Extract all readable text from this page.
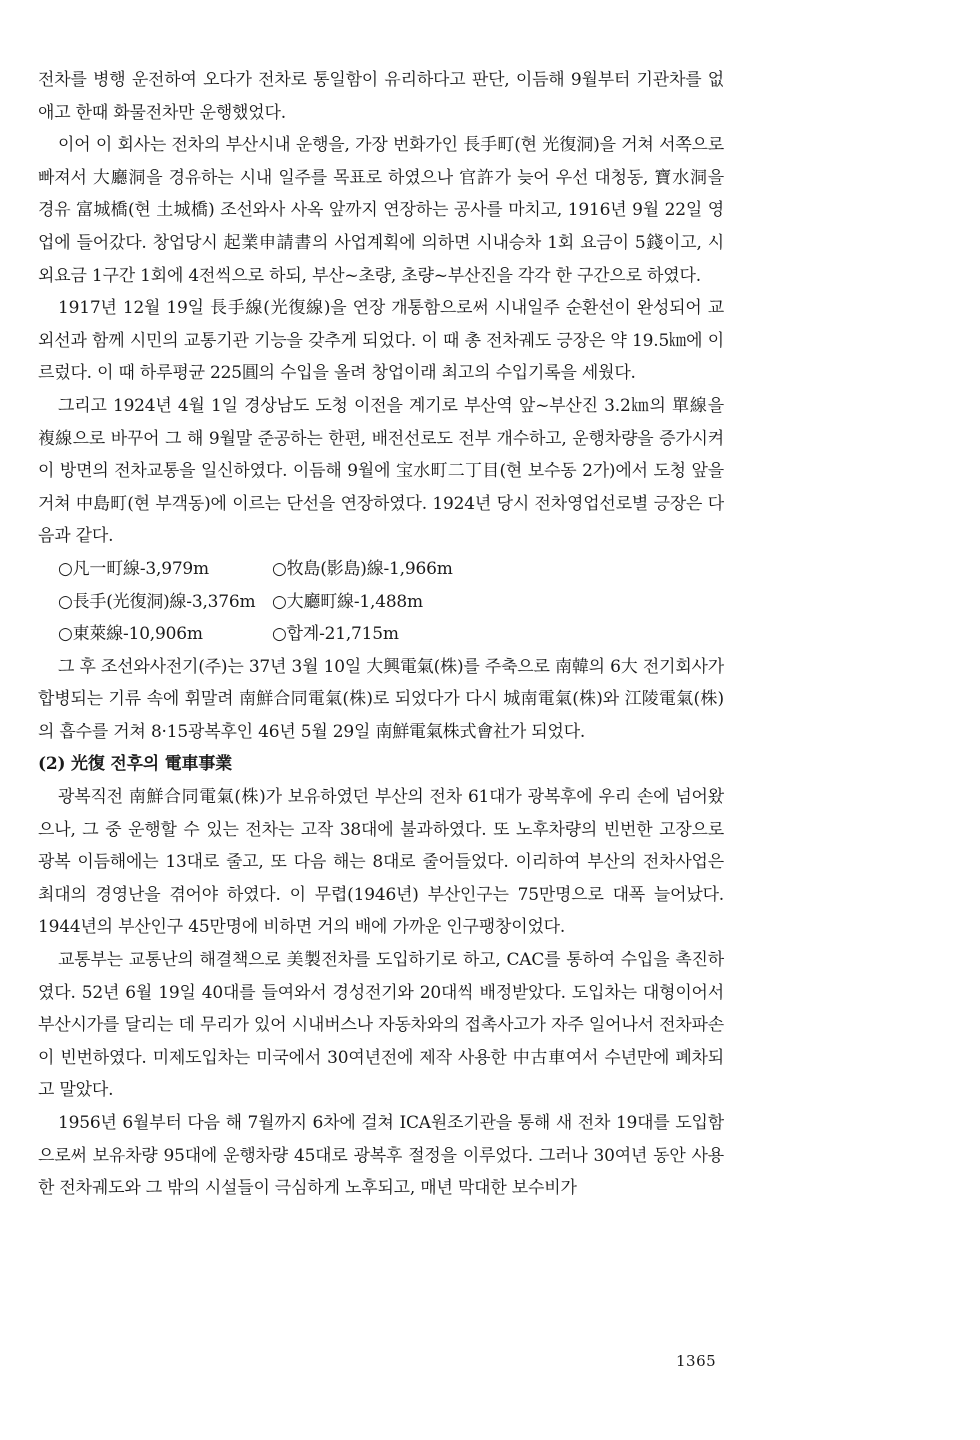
전차를 병행 운전하여 오다가 전차로 통일함이 유리하다고 판단, 이듬해 9월부터 기관차를 없애고 한때 화물전차만 운행했었다.

이어 이 회사는 전차의 부산시내 운행을, 가장 번화가인 長手町(현 光復洞)을 거쳐 서쪽으로 빠져서 大廳洞을 경유하는 시내 일주를 목표로 하였으나 官許가 늦어 우선 대청동, 寶水洞을 경유 富城橋(현 土城橋) 조선와사 사옥 앞까지 연장하는 공사를 마치고, 1916년 9월 22일 영업에 들어갔다. 창업당시 起業申請書의 사업계획에 의하면 시내승차 1회 요금이 5錢이고, 시외요금 1구간 1회에 4전씩으로 하되, 부산~초량, 초량~부산진을 각각 한 구간으로 하였다.

1917년 12월 19일 長手線(光復線)을 연장 개통함으로써 시내일주 순환선이 완성되어 교외선과 함께 시민의 교통기관 기능을 갖추게 되었다. 이 때 총 전차궤도 긍장은 약 19.5㎞에 이르렀다. 이 때 하루평균 225圓의 수입을 올려 창업이래 최고의 수입기록을 세웠다.

그리고 1924년 4월 1일 경상남도 도청 이전을 계기로 부산역 앞~부산진 3.2㎞의 單線을 複線으로 바꾸어 그 해 9월말 준공하는 한편, 배전선로도 전부 개수하고, 운행차량을 증가시켜 이 방면의 전차교통을 일신하였다. 이듬해 9월에 宝水町二丁目(현 보수동 2가)에서 도청 앞을 거쳐 中島町(현 부객동)에 이르는 단선을 연장하였다. 1924년 당시 전차영업선로별 긍장은 다음과 같다.

○凡一町線-3,979m	○牧島(影島)線-1,966m
○長手(光復洞)線-3,376m ○大廳町線-1,488m
○東萊線-10,906m	○합계-21,715m

그 후 조선와사전기(주)는 37년 3월 10일 大興電氣(株)를 주축으로 南韓의 6大 전기회사가 합병되는 기류 속에 휘말려 南鮮合同電氣(株)로 되었다가 다시 城南電氣(株)와 江陵電氣(株)의 흡수를 거쳐 8·15광복후인 46년 5월 29일 南鮮電氣株式會社가 되었다.

(2) 光復 전후의 電車事業

광복직전 南鮮合同電氣(株)가 보유하였던 부산의 전차 61대가 광복후에 우리 손에 넘어왔으나, 그 중 운행할 수 있는 전차는 고작 38대에 불과하였다. 또 노후차량의 빈번한 고장으로 광복 이듬해에는 13대로 줄고, 또 다음 해는 8대로 줄어들었다. 이리하여 부산의 전차사업은 최대의 경영난을 겪어야 하였다. 이 무렵(1946년) 부산인구는 75만명으로 대폭 늘어났다. 1944년의 부산인구 45만명에 비하면 거의 배에 가까운 인구팽창이었다.

교통부는 교통난의 해결책으로 美製전차를 도입하기로 하고, CAC를 통하여 수입을 촉진하였다. 52년 6월 19일 40대를 들여와서 경성전기와 20대씩 배정받았다. 도입차는 대형이어서 부산시가를 달리는 데 무리가 있어 시내버스나 자동차와의 접촉사고가 자주 일어나서 전차파손이 빈번하였다. 미제도입차는 미국에서 30여년전에 제작 사용한 中古車여서 수년만에 폐차되고 말았다.

1956년 6월부터 다음 해 7월까지 6차에 걸쳐 ICA원조기관을 통해 새 전차 19대를 도입함으로써 보유차량 95대에 운행차량 45대로 광복후 절정을 이루었다. 그러나 30여년 동안 사용한 전차궤도와 그 밖의 시설들이 극심하게 노후되고, 매년 막대한 보수비가

1365
